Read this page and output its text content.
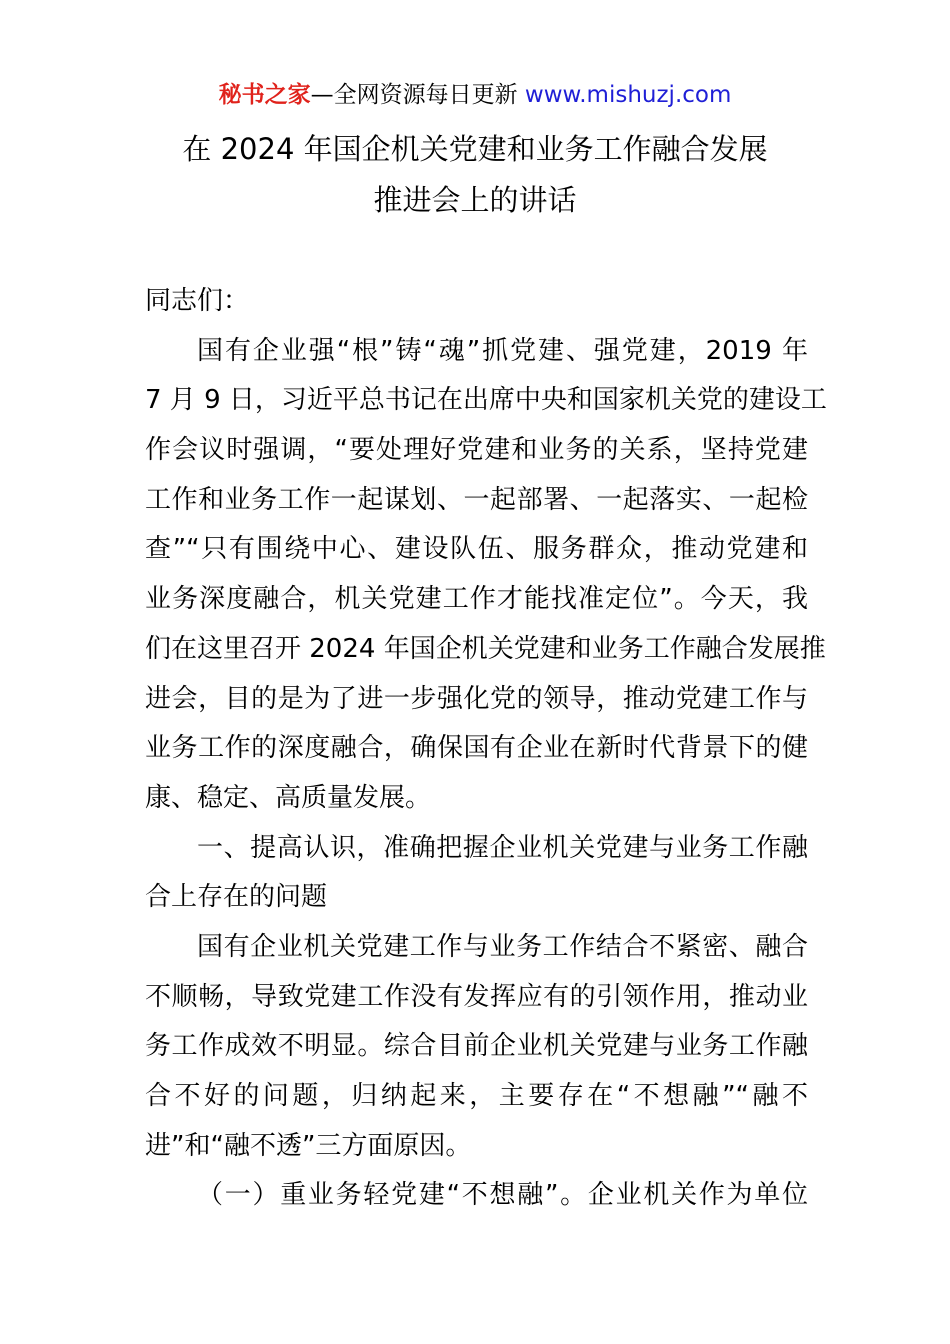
秘书之家—全网资源每日更新 www.mishuzj.com
在 2024 年国企机关党建和业务工作融合发展
推进会上的讲话
同志们：
国有企业强“根”铸“魂”抓党建、强党建，2019 年
7 月 9 日，习近平总书记在出席中央和国家机关党的建设工
作会议时强调，“要处理好党建和业务的关系，坚持党建
工作和业务工作一起谋划、一起部署、一起落实、一起检
查”“只有围绕中心、建设队伍、服务群众，推动党建和
业务深度融合，机关党建工作才能找准定位”。今天，我
们在这里召开 2024 年国企机关党建和业务工作融合发展推
进会，目的是为了进一步强化党的领导，推动党建工作与
业务工作的深度融合，确保国有企业在新时代背景下的健
康、稳定、高质量发展。
一、提高认识，准确把握企业机关党建与业务工作融
合上存在的问题
国有企业机关党建工作与业务工作结合不紧密、融合
不顺畅，导致党建工作没有发挥应有的引领作用，推动业
务工作成效不明显。综合目前企业机关党建与业务工作融
合不好的问题，归纳起来，主要存在“不想融”“融不
进”和“融不透”三方面原因。
（一）重业务轻党建“不想融”。企业机关作为单位
